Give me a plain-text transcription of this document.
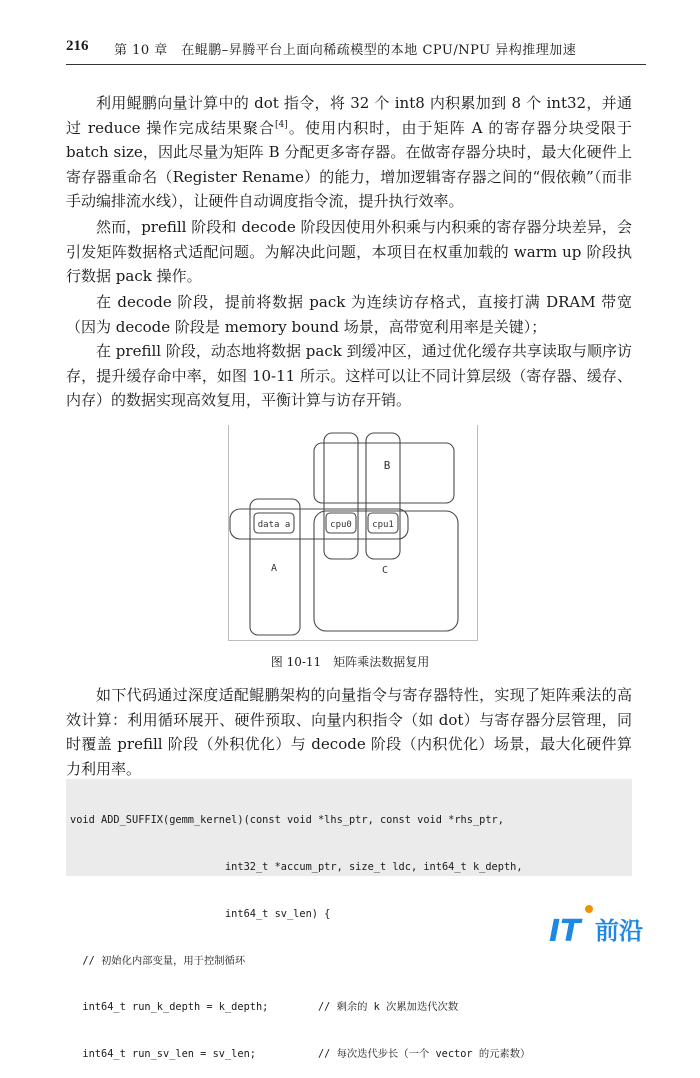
216 第 10 章　在鲲鹏–昇腾平台上面向稀疏模型的本地 CPU/NPU 异构推理加速

利用鲲鹏向量计算中的 dot 指令，将 32 个 int8 内积累加到 8 个 int32，并通过 reduce 操作完成结果聚合[4]。使用内积时，由于矩阵 A 的寄存器分块受限于 batch size，因此尽量为矩阵 B 分配更多寄存器。在做寄存器分块时，最大化硬件上寄存器重命名（Register Rename）的能力，增加逻辑寄存器之间的“假依赖”（而非手动编排流水线），让硬件自动调度指令流，提升执行效率。

然而，prefill 阶段和 decode 阶段因使用外积乘与内积乘的寄存器分块差异，会引发矩阵数据格式适配问题。为解决此问题，本项目在权重加载的 warm up 阶段执行数据 pack 操作。

在 decode 阶段，提前将数据 pack 为连续访存格式，直接打满 DRAM 带宽（因为 decode 阶段是 memory bound 场景，高带宽利用率是关键）；

在 prefill 阶段，动态地将数据 pack 到缓冲区，通过优化缓存共享读取与顺序访存，提升缓存命中率，如图 10-11 所示。这样可以让不同计算层级（寄存器、缓存、内存）的数据实现高效复用，平衡计算与访存开销。

B
data a	cpu0 cpu1
A	C
图 10-11　矩阵乘法数据复用

如下代码通过深度适配鲲鹏架构的向量指令与寄存器特性，实现了矩阵乘法的高效计算：利用循环展开、硬件预取、向量内积指令（如 dot）与寄存器分层管理，同时覆盖 prefill 阶段（外积优化）与 decode 阶段（内积优化）场景，最大化硬件算力利用率。

void ADD_SUFFIX(gemm_kernel)(const void *lhs_ptr, const void *rhs_ptr,

int32_t *accum_ptr, size_t ldc, int64_t k_depth,

int64_t sv_len) {

// 初始化内部变量，用于控制循环

int64_t run_k_depth = k_depth;        // 剩余的 k 次累加迭代次数

int64_t run_sv_len = sv_len;          // 每次迭代步长（一个 vector 的元素数）

IT 前沿
